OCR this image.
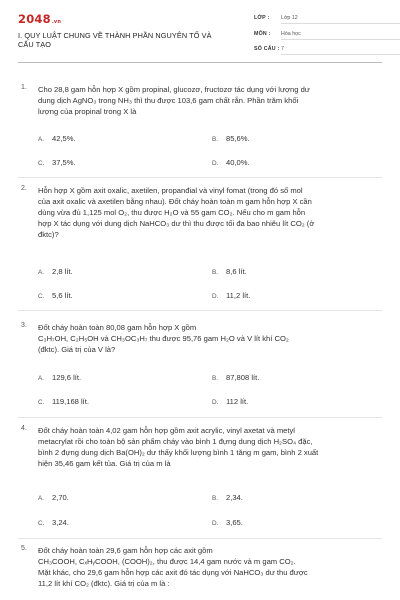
2048.vn
I. QUY LUẬT CHUNG VỀ THÀNH PHẦN NGUYÊN TỐ VÀ CẤU TẠO
LỚP : Lớp 12
MÔN : Hóa học
SỐ CÂU : 7
1. Cho 28,8 gam hỗn hợp X gồm propinal, glucozơ, fructozơ tác dụng với lượng dư
dung dịch AgNO₃ trong NH₃ thì thu được 103,6 gam chất rắn. Phần trăm khối
lượng của propinal trong X là
A. 42,5%.	B. 85,6%.
C. 37,5%.	D. 40,0%.
2. Hỗn hợp X gồm axit oxalic, axetilen, propanđial và vinyl fomat (trong đó số mol
của axit oxalic và axetilen bằng nhau). Đốt cháy hoàn toàn m gam hỗn hợp X cần
dùng vừa đủ 1,125 mol O₂, thu được H₂O và 55 gam CO₂. Nếu cho m gam hỗn
hợp X tác dụng với dung dịch NaHCO₃ dư thì thu được tối đa bao nhiêu lít CO₂ (ở
đktc)?
A. 2,8 lít.	B. 8,6 lít.
C. 5,6 lít.	D. 11,2 lít.
3. Đốt cháy hoàn toàn 80,08 gam hỗn hợp X gồm
C₃H₇OH, C₂H₅OH và CH₃OC₃H₇ thu được 95,76 gam H₂O và V lít khí CO₂
(đktc). Giá trị của V là?
A. 129,6 lít.	B. 87,808 lít.
C. 119,168 lít.	D. 112 lít.
4. Đốt cháy hoàn toàn 4,02 gam hỗn hợp gồm axit acrylic, vinyl axetat và metyl
metacrylat rồi cho toàn bộ sản phẩm cháy vào bình 1 đựng dung dịch H₂SO₄ đặc,
bình 2 đựng dung dịch Ba(OH)₂ dư thấy khối lượng bình 1 tăng m gam, bình 2 xuất
hiện 35,46 gam kết tủa. Giá trị của m là
A. 2,70.	B. 2,34.
C. 3,24.	D. 3,65.
5. Đốt cháy hoàn toàn 29,6 gam hỗn hợp các axit gồm
CH₃COOH, CₓHᵧCOOH, (COOH)₂, thu được 14,4 gam nước và m gam CO₂.
Mặt khác, cho 29,6 gam hỗn hợp các axit đó tác dụng với NaHCO₃ dư thu được
11,2 lít khí CO₂ (đktc). Giá trị của m là :
